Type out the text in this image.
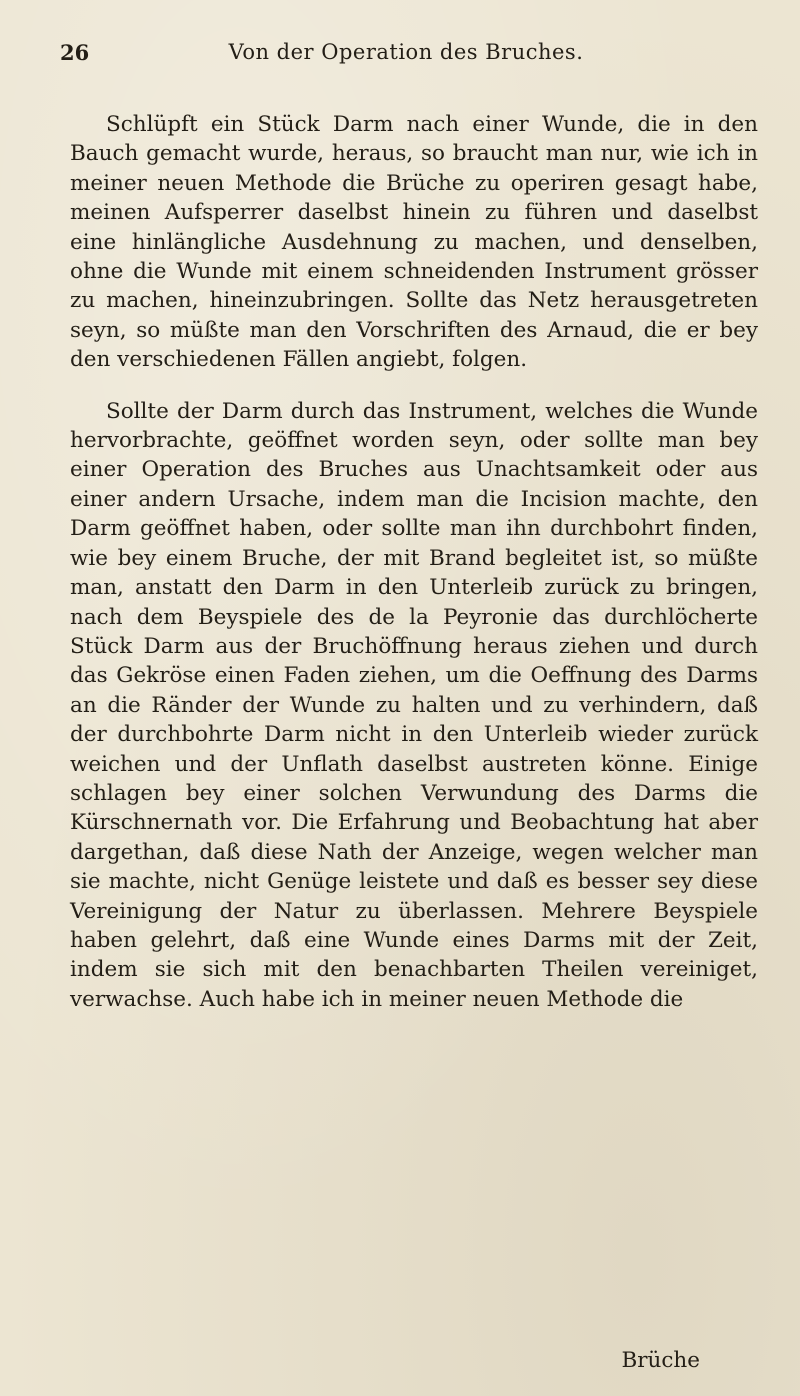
26	Von der Operation des Bruches.

Schlüpft ein Stück Darm nach einer Wunde, die in den Bauch gemacht wurde, heraus, so braucht man nur, wie ich in meiner neuen Methode die Brüche zu operiren gesagt habe, meinen Aufsperrer daselbst hinein zu führen und daselbst eine hinlängliche Ausdehnung zu machen, und denselben, ohne die Wunde mit einem schneidenden Instrument grösser zu machen, hineinzubringen. Sollte das Netz herausgetreten seyn, so müßte man den Vorschriften des Arnaud, die er bey den verschiedenen Fällen angiebt, folgen.

Sollte der Darm durch das Instrument, welches die Wunde hervorbrachte, geöffnet worden seyn, oder sollte man bey einer Operation des Bruches aus Unachtsamkeit oder aus einer andern Ursache, indem man die Incision machte, den Darm geöffnet haben, oder sollte man ihn durchbohrt finden, wie bey einem Bruche, der mit Brand begleitet ist, so müßte man, anstatt den Darm in den Unterleib zurück zu bringen, nach dem Beyspiele des de la Peyronie das durchlöcherte Stück Darm aus der Bruchöffnung heraus ziehen und durch das Gekröse einen Faden ziehen, um die Oeffnung des Darms an die Ränder der Wunde zu halten und zu verhindern, daß der durchbohrte Darm nicht in den Unterleib wieder zurück weichen und der Unflath daselbst austreten könne. Einige schlagen bey einer solchen Verwundung des Darms die Kürschnernath vor. Die Erfahrung und Beobachtung hat aber dargethan, daß diese Nath der Anzeige, wegen welcher man sie machte, nicht Genüge leistete und daß es besser sey diese Vereinigung der Natur zu überlassen. Mehrere Beyspiele haben gelehrt, daß eine Wunde eines Darms mit der Zeit, indem sie sich mit den benachbarten Theilen vereiniget, verwachse. Auch habe ich in meiner neuen Methode die

Brüche
